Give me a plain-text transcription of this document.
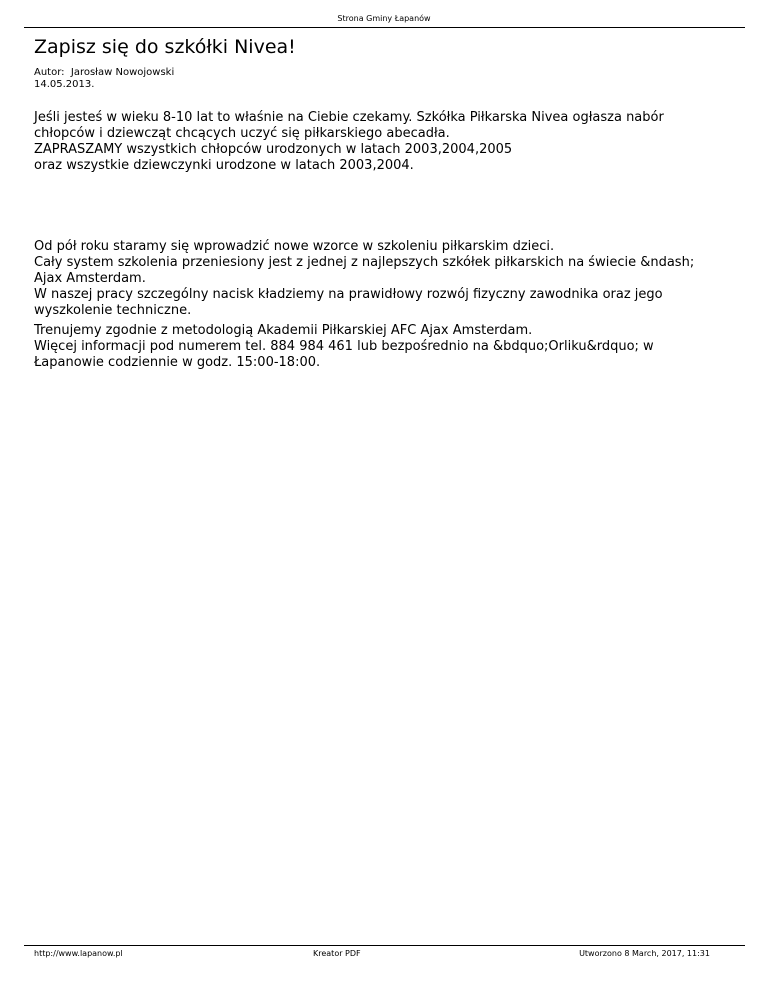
Strona Gminy Łapanów
Zapisz się do szkółki Nivea!
Autor:  Jarosław Nowojowski
14.05.2013.
Jeśli jesteś w wieku 8-10 lat to właśnie na Ciebie czekamy. Szkółka Piłkarska Nivea ogłasza nabór
chłopców i dziewcząt chcących uczyć się piłkarskiego abecadła.
ZAPRASZAMY wszystkich chłopców urodzonych w latach 2003,2004,2005
oraz wszystkie dziewczynki urodzone w latach 2003,2004.
Od pół roku staramy się wprowadzić nowe wzorce w szkoleniu piłkarskim dzieci.
Cały system szkolenia przeniesiony jest z jednej z najlepszych szkółek piłkarskich na świecie &ndash;
Ajax Amsterdam.
W naszej pracy szczególny nacisk kładziemy na prawidłowy rozwój fizyczny zawodnika oraz jego
wyszkolenie techniczne.
Trenujemy zgodnie z metodologią Akademii Piłkarskiej AFC Ajax Amsterdam.
Więcej informacji pod numerem tel. 884 984 461 lub bezpośrednio na &bdquo;Orliku&rdquo; w
Łapanowie codziennie w godz. 15:00-18:00.
http://www.lapanow.pl	Kreator PDF	Utworzono 8 March, 2017, 11:31
